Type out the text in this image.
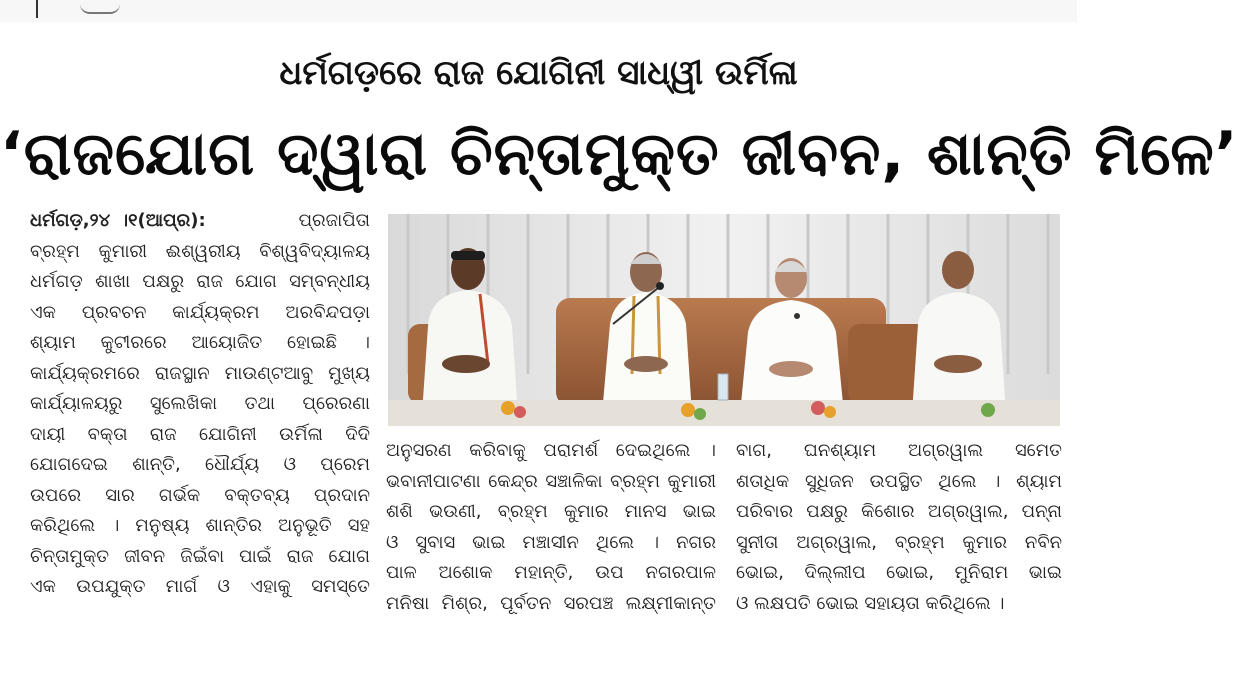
ଧର୍ମଗଡ଼ରେ ରାଜ ଯୋଗିନୀ ସାଧ୍ୱୀ ଉର୍ମିଳା
‘ରାଜଯୋଗ ଦ୍ୱାରା ଚିନ୍ତାମୁକ୍ତ ଜୀବନ, ଶାନ୍ତି ମିଳେ’
ଧର୍ମଗଡ଼,୨୪ ।୧(ଆପ୍ର):	ପ୍ରଜାପିତା
ବ୍ରହ୍ମ କୁମାରୀ ଈଶ୍ୱରୀୟ ବିଶ୍ୱବିଦ୍ୟାଳୟ
ଧର୍ମଗଡ଼ ଶାଖା ପକ୍ଷରୁ ରାଜ ଯୋଗ ସମ୍ବନ୍ଧୀୟ
ଏକ ପ୍ରବଚନ କାର୍ଯ୍ୟକ୍ରମ ଅରବିନ୍ଦପଡ଼ା
ଶ୍ୟାମ କୁଟୀରରେ ଆୟୋଜିତ ହୋଇଛି ।
କାର୍ଯ୍ୟକ୍ରମରେ ରାଜସ୍ଥାନ ମାଉଣ୍ଟଆବୁ ମୁଖ୍ୟ
କାର୍ଯ୍ୟାଳୟରୁ ସୁଲେଖିକା ତଥା ପ୍ରେରଣା
ଦାୟୀ ବକ୍ତା ରାଜ ଯୋଗିନୀ ଉର୍ମିଳା ଦିଦି
ଯୋଗଦେଇ ଶାନ୍ତି, ଧୌର୍ଯ୍ୟ ଓ ପ୍ରେମ
ଉପରେ ସାର ଗର୍ଭକ ବକ୍ତବ୍ୟ ପ୍ରଦାନ
କରିଥିଲେ । ମନୁଷ୍ୟ ଶାନ୍ତିର ଅନୁଭୂତି ସହ
ଚିନ୍ତାମୁକ୍ତ ଜୀବନ ଜିଇଁବା ପାଇଁ ରାଜ ଯୋଗ
ଏକ ଉପଯୁକ୍ତ ମାର୍ଗ ଓ ଏହାକୁ ସମସ୍ତେ
ଅନୁସରଣ କରିବାକୁ ପରାମର୍ଶ ଦେଇଥିଲେ ।
ଭବାନୀପାଟଣା କେନ୍ଦ୍ର ସଞ୍ଚାଳିକା ବ୍ରହ୍ମ କୁମାରୀ
ଶଶି ଭଉଣୀ, ବ୍ରହ୍ମ କୁମାର ମାନସ ଭାଇ
ଓ ସୁବାସ ଭାଇ ମଞ୍ଚାସୀନ ଥିଲେ । ନଗର
ପାଳ ଅଶୋକ ମହାନ୍ତି, ଉପ ନଗରପାଳ
ମନିଷା ମିଶ୍ର, ପୂର୍ବତନ ସରପଞ୍ଚ ଲକ୍ଷ୍ମୀକାନ୍ତ
ବାଗ, ଘନଶ୍ୟାମ ଅଗ୍ରୱାଲ ସମେତ
ଶତାଧିକ ସୁଧିଜନ ଉପସ୍ଥିତ ଥିଲେ । ଶ୍ୟାମ
ପରିବାର ପକ୍ଷରୁ କିଶୋର ଅଗ୍ରୱାଲ, ପନ୍ନା
ସୁନୀତା ଅଗ୍ରୱାଲ, ବ୍ରହ୍ମ କୁମାର ନବିନ
ଭୋଇ, ଦିଲ୍ଲୀପ ଭୋଇ, ମୁନିରାମ ଭାଇ
ଓ ଲକ୍ଷପତି ଭୋଇ ସହାୟତା କରିଥିଲେ ।
